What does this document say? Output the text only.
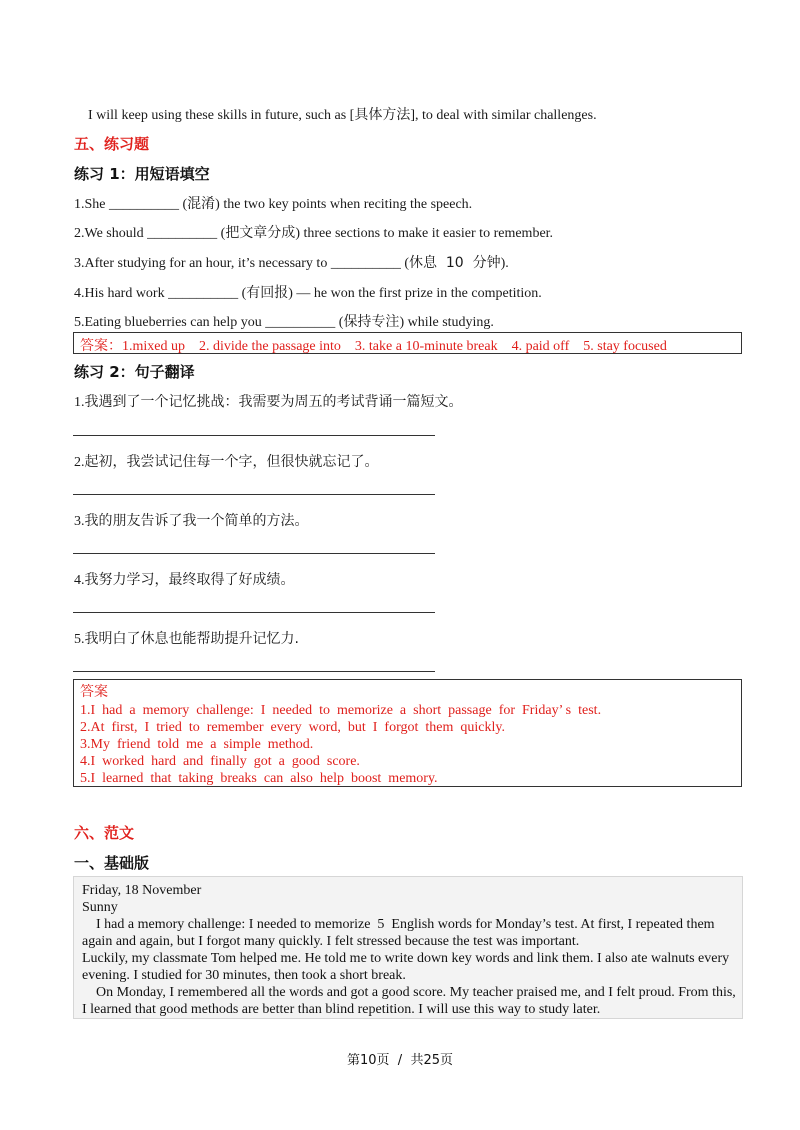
I will keep using these skills in future, such as [具体方法], to deal with similar challenges.
五、练习题
练习 1：用短语填空
1.She __________ (混淆) the two key points when reciting the speech.
2.We should __________ (把文章分成) three sections to make it easier to remember.
3.After studying for an hour, it’s necessary to __________ (休息  10  分钟).
4.His hard work __________ (有回报) — he won the first prize in the competition.
5.Eating blueberries can help you __________ (保持专注) while studying.
答案：1.mixed up    2. divide the passage into    3. take a 10-minute break    4. paid off    5. stay focused
练习 2：句子翻译
1.我遇到了一个记忆挑战：我需要为周五的考试背诵一篇短文。
2.起初，我尝试记住每一个字，但很快就忘记了。
3.我的朋友告诉了我一个简单的方法。
4.我努力学习，最终取得了好成绩。
5.我明白了休息也能帮助提升记忆力.
答案
1.I  had  a  memory  challenge:  I  needed  to  memorize  a  short  passage  for  Friday’ s  test.
2.At  first,  I  tried  to  remember  every  word,  but  I  forgot  them  quickly.
3.My  friend  told  me  a  simple  method.
4.I  worked  hard  and  finally  got  a  good  score.
5.I  learned  that  taking  breaks  can  also  help  boost  memory.
六、范文
一、基础版
Friday, 18 November
Sunny
I had a memory challenge: I needed to memorize  5  English words for Monday’s test. At first, I repeated them again and again, but I forgot many quickly. I felt stressed because the test was important.
Luckily, my classmate Tom helped me. He told me to write down key words and link them. I also ate walnuts every evening. I studied for 30 minutes, then took a short break.
On Monday, I remembered all the words and got a good score. My teacher praised me, and I felt proud. From this, I learned that good methods are better than blind repetition. I will use this way to study later.
第10页  /  共25页
